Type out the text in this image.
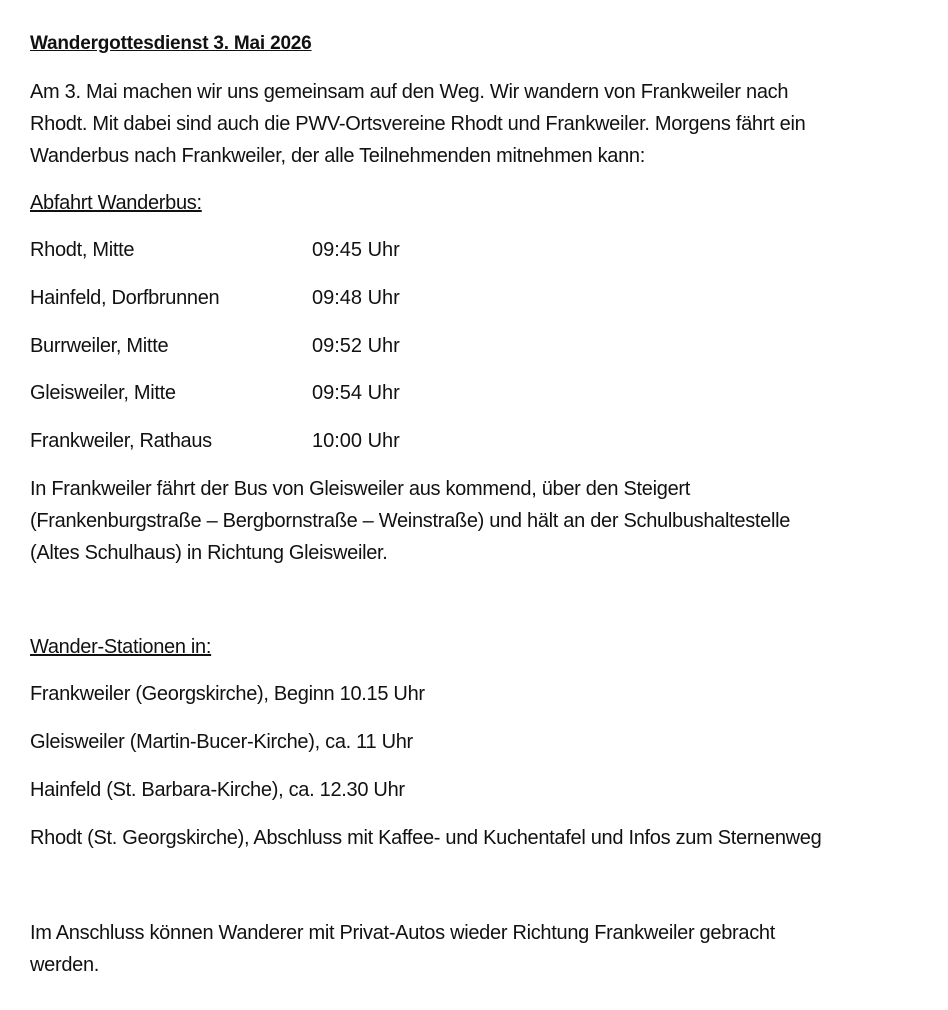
Wandergottesdienst 3. Mai 2026
Am 3. Mai machen wir uns gemeinsam auf den Weg. Wir wandern von Frankweiler nach
Rhodt. Mit dabei sind auch die PWV-Ortsvereine Rhodt und Frankweiler. Morgens fährt ein
Wanderbus nach Frankweiler, der alle Teilnehmenden mitnehmen kann:
Abfahrt Wanderbus:
Rhodt, Mitte	09:45 Uhr
Hainfeld, Dorfbrunnen	09:48 Uhr
Burrweiler, Mitte	09:52 Uhr
Gleisweiler, Mitte	09:54 Uhr
Frankweiler, Rathaus	10:00 Uhr
In Frankweiler fährt der Bus von Gleisweiler aus kommend, über den Steigert
(Frankenburgstraße – Bergbornstraße – Weinstraße) und hält an der Schulbushaltestelle
(Altes Schulhaus) in Richtung Gleisweiler.
Wander-Stationen in:
Frankweiler (Georgskirche), Beginn 10.15 Uhr
Gleisweiler (Martin-Bucer-Kirche), ca. 11 Uhr
Hainfeld (St. Barbara-Kirche), ca. 12.30 Uhr
Rhodt (St. Georgskirche), Abschluss mit Kaffee- und Kuchentafel und Infos zum Sternenweg
Im Anschluss können Wanderer mit Privat-Autos wieder Richtung Frankweiler gebracht
werden.
